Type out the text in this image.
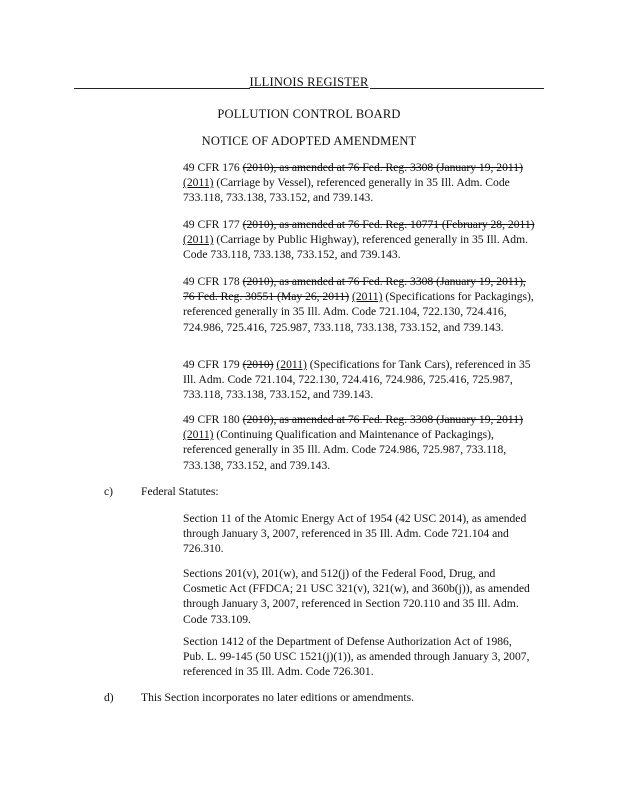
ILLINOIS REGISTER
POLLUTION CONTROL BOARD
NOTICE OF ADOPTED AMENDMENT
49 CFR 176 (2010), as amended at 76 Fed. Reg. 3308 (January 19, 2011) (2011) (Carriage by Vessel), referenced generally in 35 Ill. Adm. Code 733.118, 733.138, 733.152, and 739.143.
49 CFR 177 (2010), as amended at 76 Fed. Reg. 10771 (February 28, 2011) (2011) (Carriage by Public Highway), referenced generally in 35 Ill. Adm. Code 733.118, 733.138, 733.152, and 739.143.
49 CFR 178 (2010), as amended at 76 Fed. Reg. 3308 (January 19, 2011), 76 Fed. Reg. 30551 (May 26, 2011) (2011) (Specifications for Packagings), referenced generally in 35 Ill. Adm. Code 721.104, 722.130, 724.416, 724.986, 725.416, 725.987, 733.118, 733.138, 733.152, and 739.143.
49 CFR 179 (2010) (2011) (Specifications for Tank Cars), referenced in 35 Ill. Adm. Code 721.104, 722.130, 724.416, 724.986, 725.416, 725.987, 733.118, 733.138, 733.152, and 739.143.
49 CFR 180 (2010), as amended at 76 Fed. Reg. 3308 (January 19, 2011) (2011) (Continuing Qualification and Maintenance of Packagings), referenced generally in 35 Ill. Adm. Code 724.986, 725.987, 733.118, 733.138, 733.152, and 739.143.
c) Federal Statutes:
Section 11 of the Atomic Energy Act of 1954 (42 USC 2014), as amended through January 3, 2007, referenced in 35 Ill. Adm. Code 721.104 and 726.310.
Sections 201(v), 201(w), and 512(j) of the Federal Food, Drug, and Cosmetic Act (FFDCA; 21 USC 321(v), 321(w), and 360b(j)), as amended through January 3, 2007, referenced in Section 720.110 and 35 Ill. Adm. Code 733.109.
Section 1412 of the Department of Defense Authorization Act of 1986, Pub. L. 99-145 (50 USC 1521(j)(1)), as amended through January 3, 2007, referenced in 35 Ill. Adm. Code 726.301.
d) This Section incorporates no later editions or amendments.
